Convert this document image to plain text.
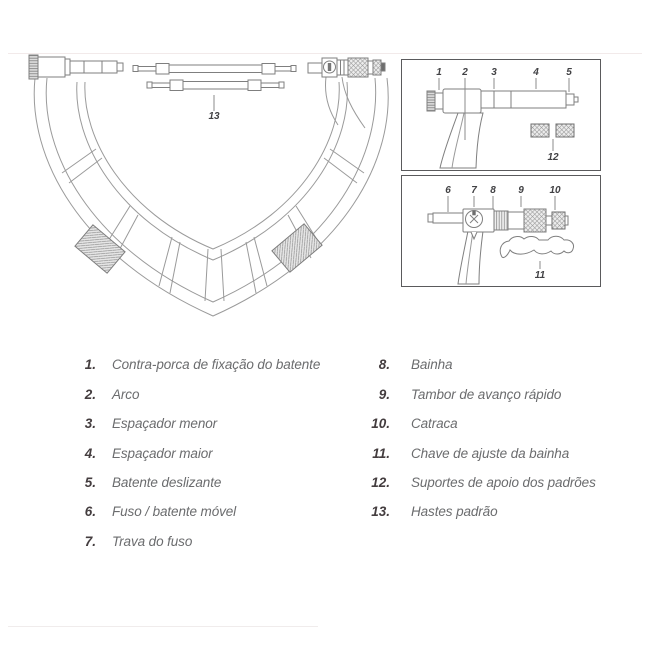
13
1 2 3	4	5
12
6 7 8 9	10
11
1. Contra-porca de fixação do batente
2. Arco
3. Espaçador menor
4. Espaçador maior
5. Batente deslizante
6. Fuso / batente móvel
7. Trava do fuso
8. Bainha
9. Tambor de avanço rápido
10. Catraca
11. Chave de ajuste da bainha
12. Suportes de apoio dos padrões
13. Hastes padrão
